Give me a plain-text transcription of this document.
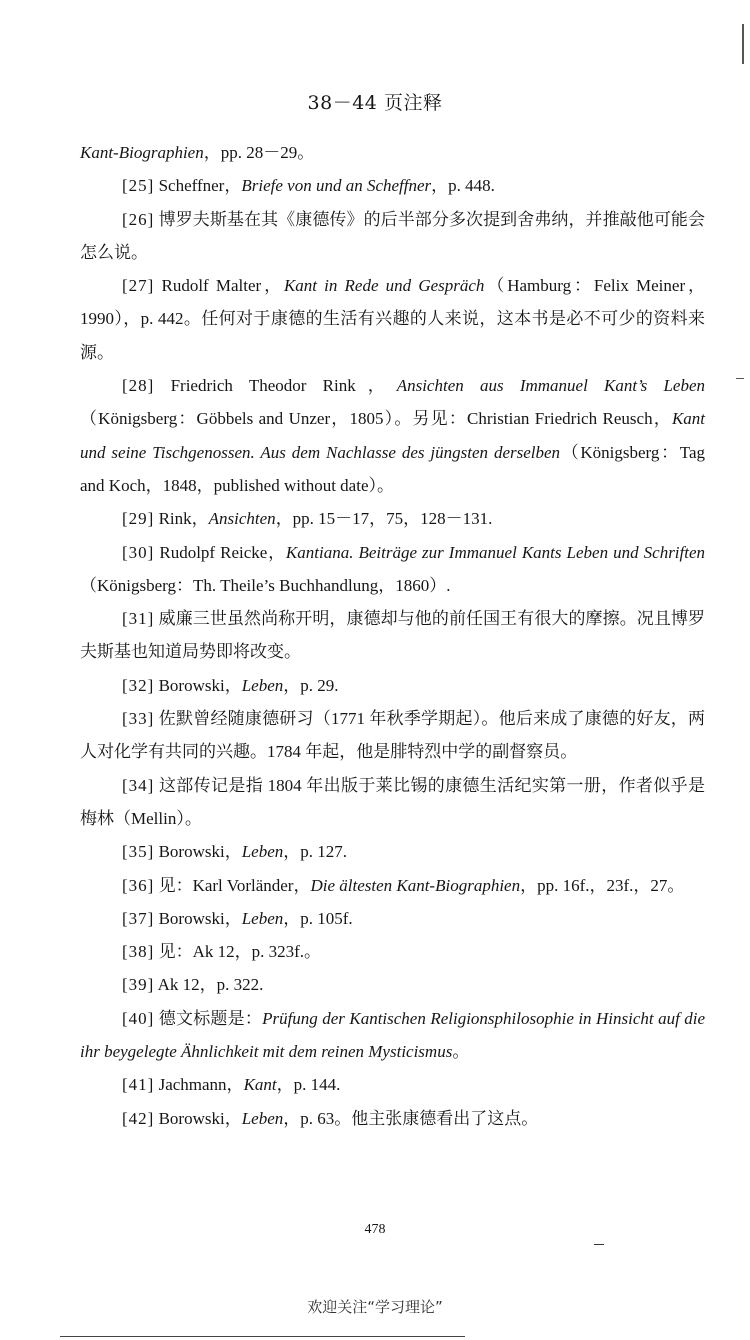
38－44 页注释

Kant-Biographien，pp. 28－29。

[25] Scheffner，Briefe von und an Scheffner，p. 448.

[26] 博罗夫斯基在其《康德传》的后半部分多次提到舍弗纳，并推敲他可能会怎么说。

[27] Rudolf Malter，Kant in Rede und Gespräch（Hamburg：Felix Meiner，1990），p. 442。任何对于康德的生活有兴趣的人来说，这本书是必不可少的资料来源。

[28] Friedrich Theodor Rink，Ansichten aus Immanuel Kant’s Leben（Königsberg：Göbbels and Unzer，1805）。另见：Christian Friedrich Reusch，Kant und seine Tischgenossen. Aus dem Nachlasse des jüngsten derselben（Königsberg：Tag and Koch，1848，published without date）。

[29] Rink，Ansichten，pp. 15－17，75，128－131.

[30] Rudolpf Reicke，Kantiana. Beiträge zur Immanuel Kants Leben und Schriften（Königsberg：Th. Theile’s Buchhandlung，1860）.

[31] 威廉三世虽然尚称开明，康德却与他的前任国王有很大的摩擦。况且博罗夫斯基也知道局势即将改变。

[32] Borowski，Leben，p. 29.

[33] 佐默曾经随康德研习（1771 年秋季学期起）。他后来成了康德的好友，两人对化学有共同的兴趣。1784 年起，他是腓特烈中学的副督察员。

[34] 这部传记是指 1804 年出版于莱比锡的康德生活纪实第一册，作者似乎是梅林（Mellin）。

[35] Borowski，Leben，p. 127.

[36] 见：Karl Vorländer，Die ältesten Kant-Biographien，pp. 16f.，23f.，27。

[37] Borowski，Leben，p. 105f.

[38] 见：Ak 12，p. 323f.。

[39] Ak 12，p. 322.

[40] 德文标题是：Prüfung der Kantischen Religionsphilosophie in Hinsicht auf die ihr beygelegte Ähnlichkeit mit dem reinen Mysticismus。

[41] Jachmann，Kant，p. 144.

[42] Borowski，Leben，p. 63。他主张康德看出了这点。

478
欢迎关注“学习理论”
